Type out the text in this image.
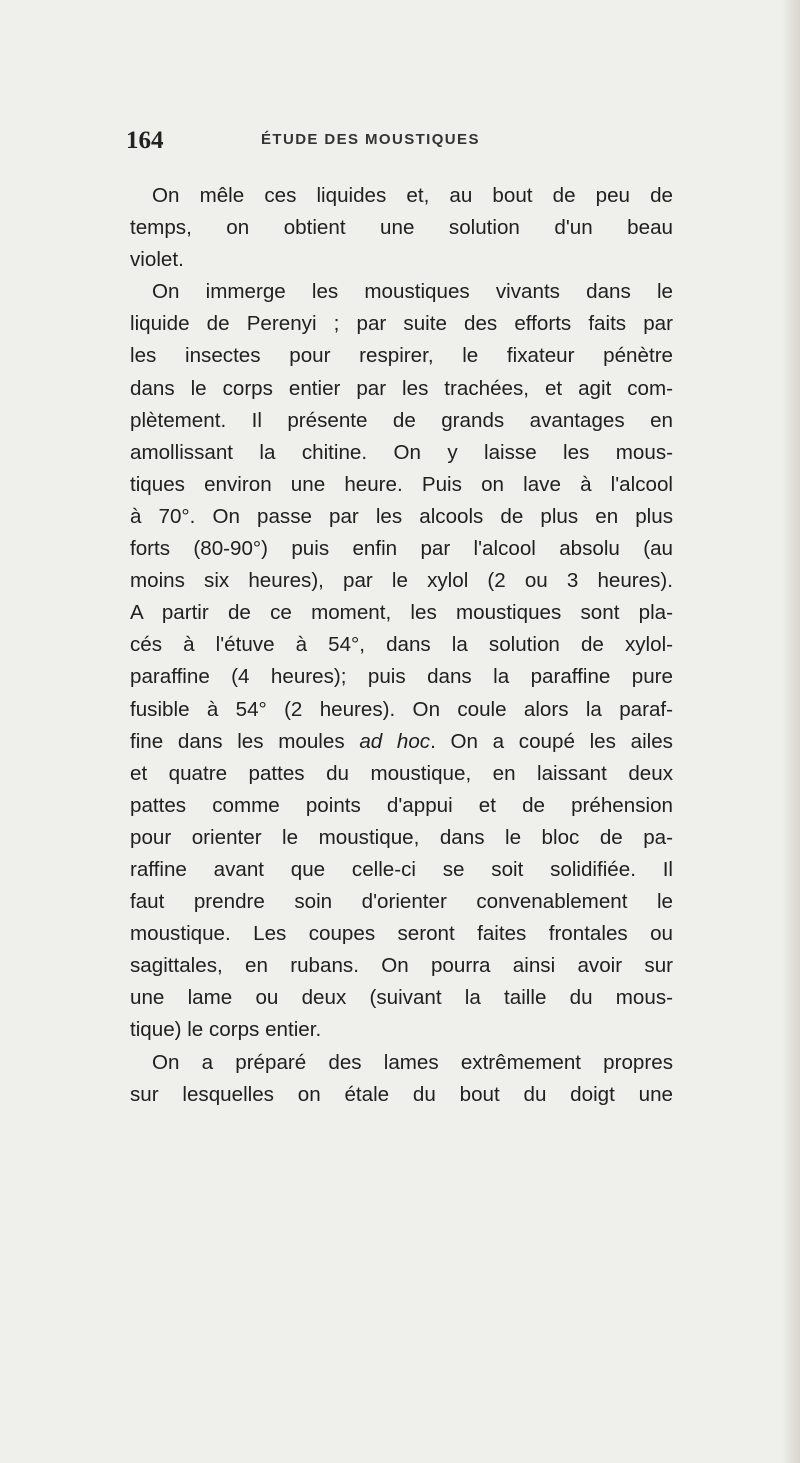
164	ÉTUDE DES MOUSTIQUES
On mêle ces liquides et, au bout de peu de
temps, on obtient une solution d'un beau
violet.
On immerge les moustiques vivants dans le
liquide de Perenyi ; par suite des efforts faits par
les insectes pour respirer, le fixateur pénètre
dans le corps entier par les trachées, et agit com-
plètement. Il présente de grands avantages en
amollissant la chitine. On y laisse les mous-
tiques environ une heure. Puis on lave à l'alcool
à 70°. On passe par les alcools de plus en plus
forts (80-90°) puis enfin par l'alcool absolu (au
moins six heures), par le xylol (2 ou 3 heures).
A partir de ce moment, les moustiques sont pla-
cés à l'étuve à 54°, dans la solution de xylol-
paraffine (4 heures); puis dans la paraffine pure
fusible à 54° (2 heures). On coule alors la paraf-
fine dans les moules ad hoc. On a coupé les ailes
et quatre pattes du moustique, en laissant deux
pattes comme points d'appui et de préhension
pour orienter le moustique, dans le bloc de pa-
raffine avant que celle-ci se soit solidifiée. Il
faut prendre soin d'orienter convenablement le
moustique. Les coupes seront faites frontales ou
sagittales, en rubans. On pourra ainsi avoir sur
une lame ou deux (suivant la taille du mous-
tique) le corps entier.
On a préparé des lames extrêmement propres
sur lesquelles on étale du bout du doigt une
